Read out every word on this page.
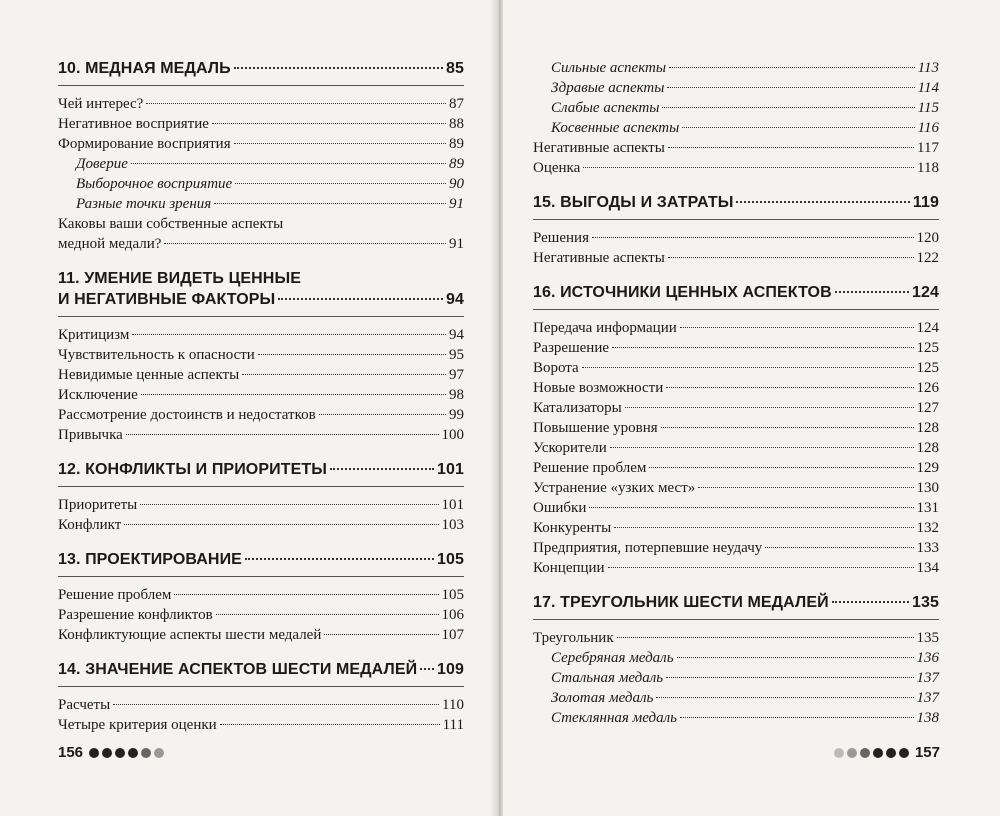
10. МЕДНАЯ МЕДАЛЬ	85
Чей интерес?	87
Негативное восприятие	88
Формирование восприятия	89
Доверие	89
Выборочное восприятие	90
Разные точки зрения	91
Каковы ваши собственные аспекты
медной медали?	91
11. УМЕНИЕ ВИДЕТЬ ЦЕННЫЕ
И НЕГАТИВНЫЕ ФАКТОРЫ	94
Критицизм	94
Чувствительность к опасности	95
Невидимые ценные аспекты	97
Исключение	98
Рассмотрение достоинств и недостатков	99
Привычка	100
12. КОНФЛИКТЫ И ПРИОРИТЕТЫ	101
Приоритеты	101
Конфликт	103
13. ПРОЕКТИРОВАНИЕ	105
Решение проблем	105
Разрешение конфликтов	106
Конфликтующие аспекты шести медалей	107
14. ЗНАЧЕНИЕ АСПЕКТОВ ШЕСТИ МЕДАЛЕЙ 109
Расчеты	110
Четыре критерия оценки	111
156
Сильные аспекты	113
Здравые аспекты	114
Слабые аспекты	115
Косвенные аспекты	116
Негативные аспекты	117
Оценка	118
15. ВЫГОДЫ И ЗАТРАТЫ	119
Решения	120
Негативные аспекты	122
16. ИСТОЧНИКИ ЦЕННЫХ АСПЕКТОВ	124
Передача информации	124
Разрешение	125
Ворота	125
Новые возможности	126
Катализаторы	127
Повышение уровня	128
Ускорители	128
Решение проблем	129
Устранение «узких мест»	130
Ошибки	131
Конкуренты	132
Предприятия, потерпевшие неудачу	133
Концепции	134
17. ТРЕУГОЛЬНИК ШЕСТИ МЕДАЛЕЙ	135
Треугольник	135
Серебряная медаль	136
Стальная медаль	137
Золотая медаль	137
Стеклянная медаль	138
157
